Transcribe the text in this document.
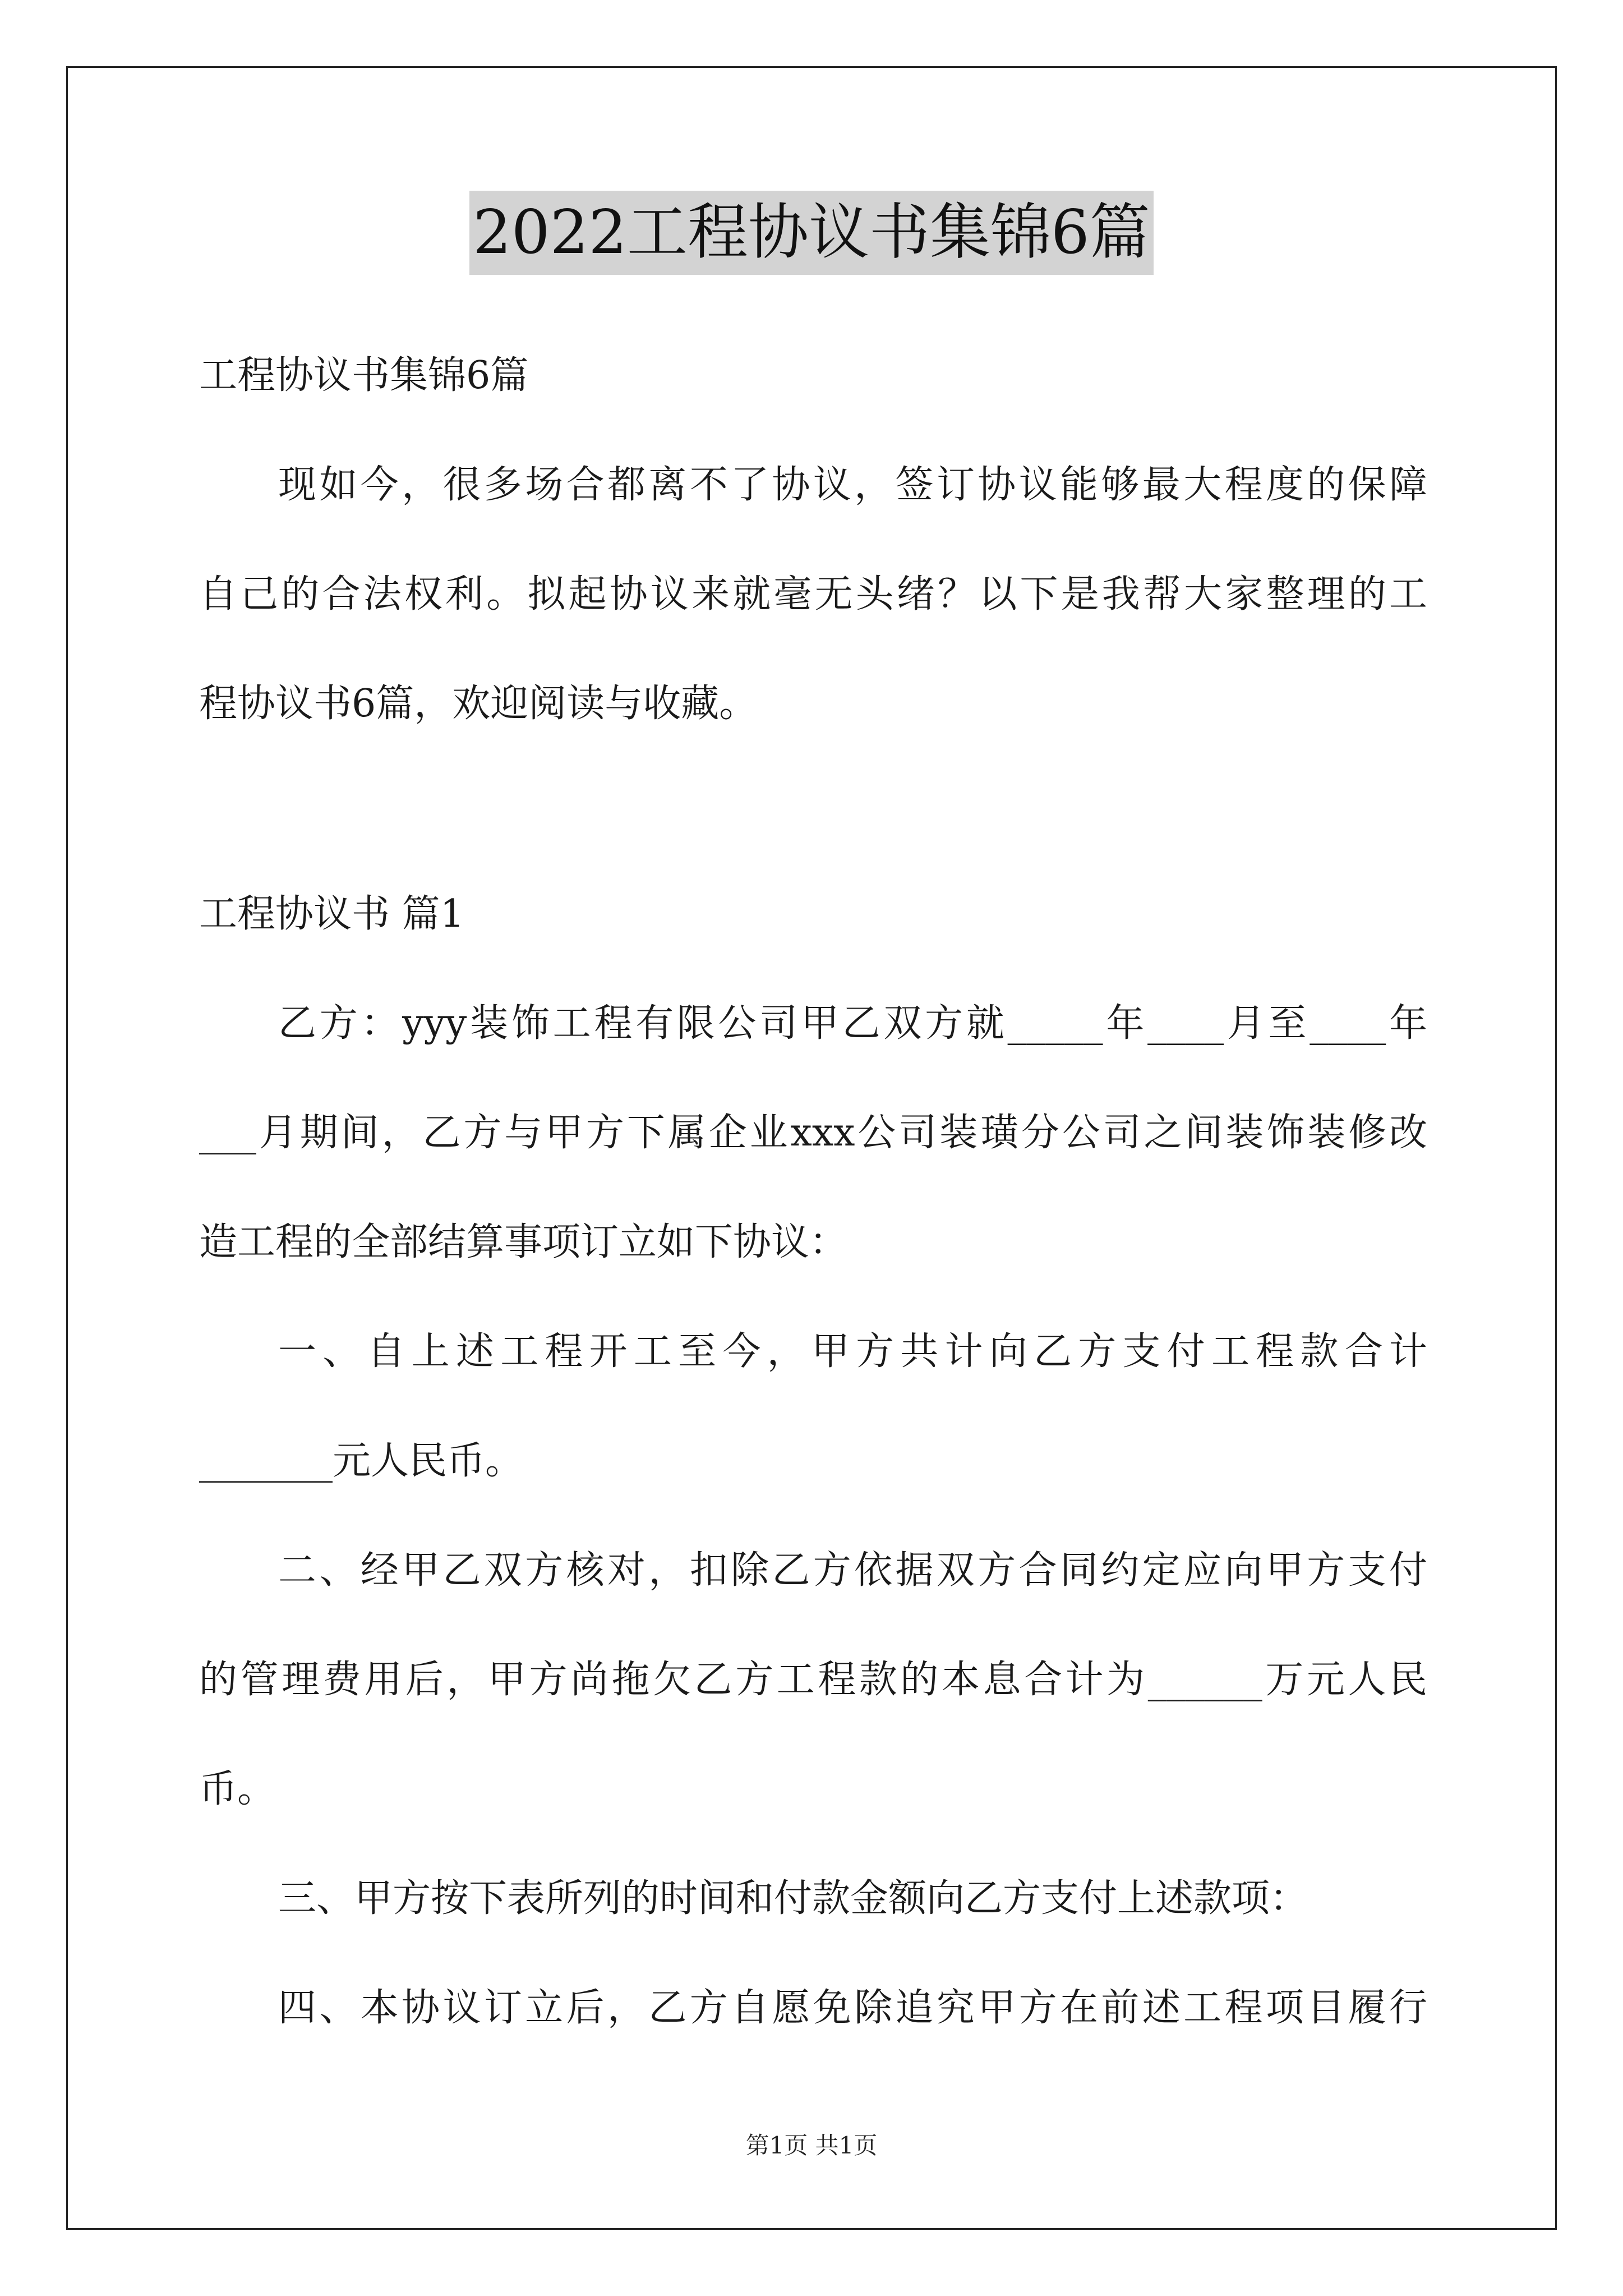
2022工程协议书集锦6篇
工程协议书集锦6篇
现如今，很多场合都离不了协议，签订协议能够最大程度的保障
自己的合法权利。拟起协议来就毫无头绪？以下是我帮大家整理的工
程协议书6篇，欢迎阅读与收藏。
工程协议书 篇1
乙方：yyy装饰工程有限公司甲乙双方就_____年____月至____年
___月期间，乙方与甲方下属企业xxx公司装璜分公司之间装饰装修改
造工程的全部结算事项订立如下协议：
一、自上述工程开工至今，甲方共计向乙方支付工程款合计
_______元人民币。
二、经甲乙双方核对，扣除乙方依据双方合同约定应向甲方支付
的管理费用后，甲方尚拖欠乙方工程款的本息合计为______万元人民
币。
三、甲方按下表所列的时间和付款金额向乙方支付上述款项：
四、本协议订立后，乙方自愿免除追究甲方在前述工程项目履行
第1页 共1页
